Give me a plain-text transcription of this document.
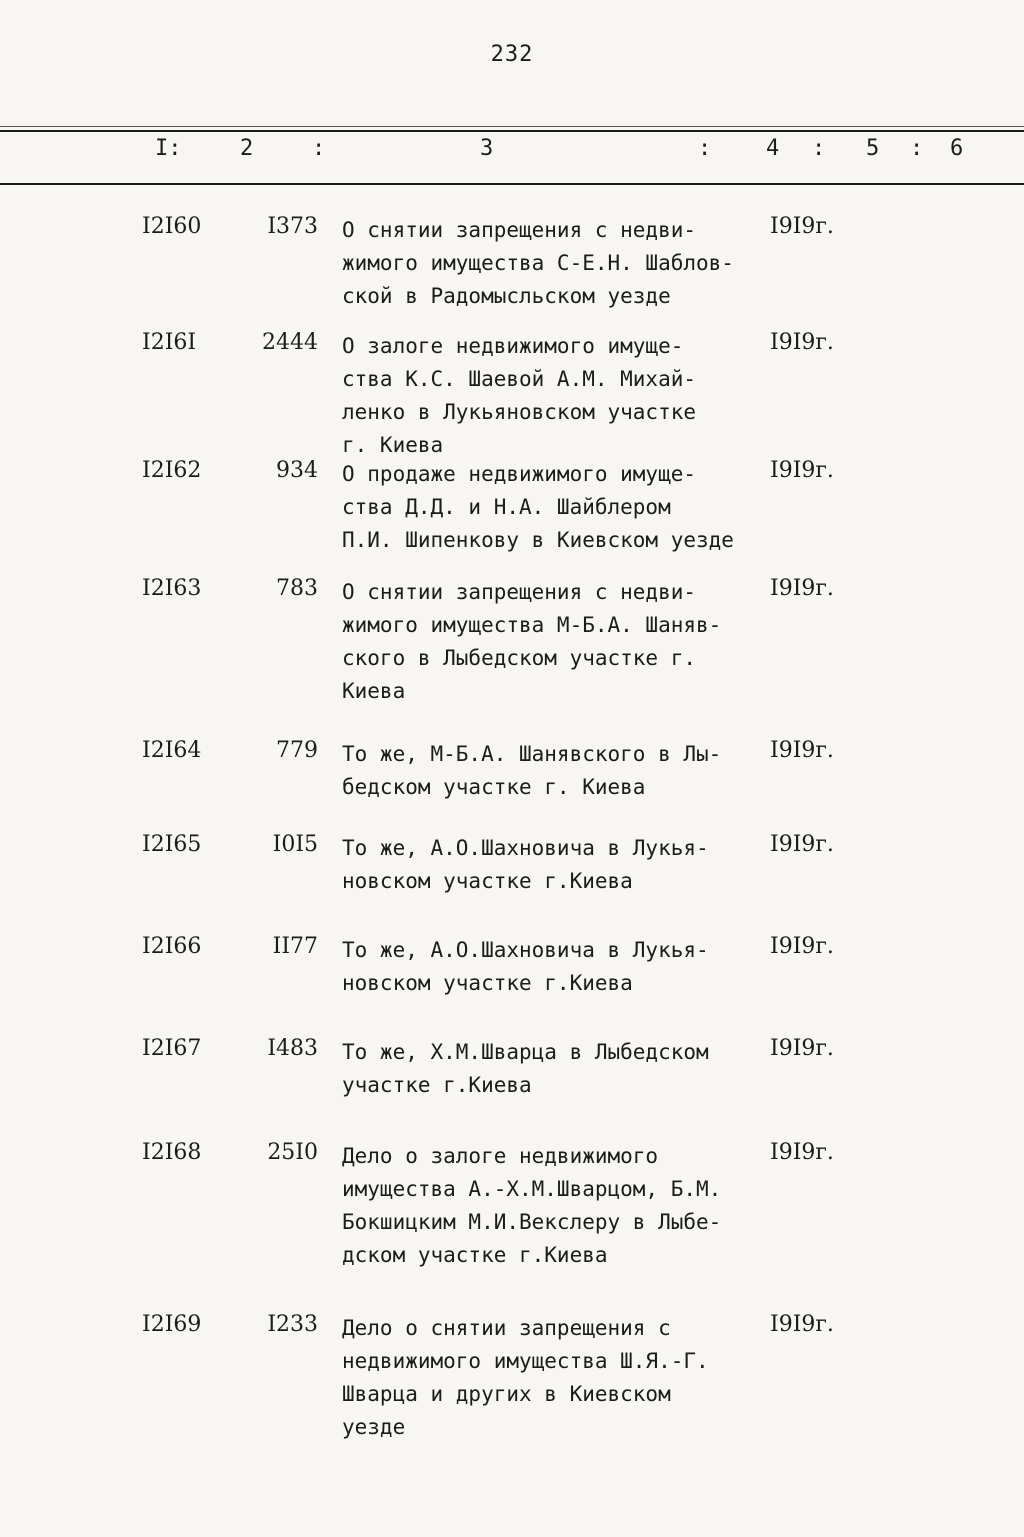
232
I:	2	:	3	: 4 : 5 : 6
I2I60	I373 О снятии запрещения с недви-
жимого имущества С-Е.Н. Шаблов-
ской в Радомысльском уезде
I9I9г.
I2I6I	2444 О залоге недвижимого имуще-
ства К.С. Шаевой А.М. Михай-
ленко в Лукьяновском участке
г. Киева
I9I9г.
I2I62	934 О продаже недвижимого имуще-
ства Д.Д. и Н.А. Шайблером
П.И. Шипенкову в Киевском уезде
I9I9г.
I2I63	783 О снятии запрещения с недви-
жимого имущества М-Б.А. Шаняв-
ского в Лыбедском участке г.
Киева
I9I9г.
I2I64	779 То же, М-Б.А. Шанявского в Лы-
бедском участке г. Киева
I9I9г.
I2I65	I0I5 То же, А.О.Шахновича в Лукья-
новском участке г.Киева
I9I9г.
I2I66	II77 То же, А.О.Шахновича в Лукья-
новском участке г.Киева
I9I9г.
I2I67	I483 То же, Х.М.Шварца в Лыбедском
участке г.Киева
I9I9г.
I2I68	25I0 Дело о залоге недвижимого
имущества А.-Х.М.Шварцом, Б.М.
Бокшицким М.И.Векслеру в Лыбе-
дском участке г.Киева
I9I9г.
I2I69	I233 Дело о снятии запрещения с
недвижимого имущества Ш.Я.-Г.
Шварца и других в Киевском
уезде
I9I9г.
